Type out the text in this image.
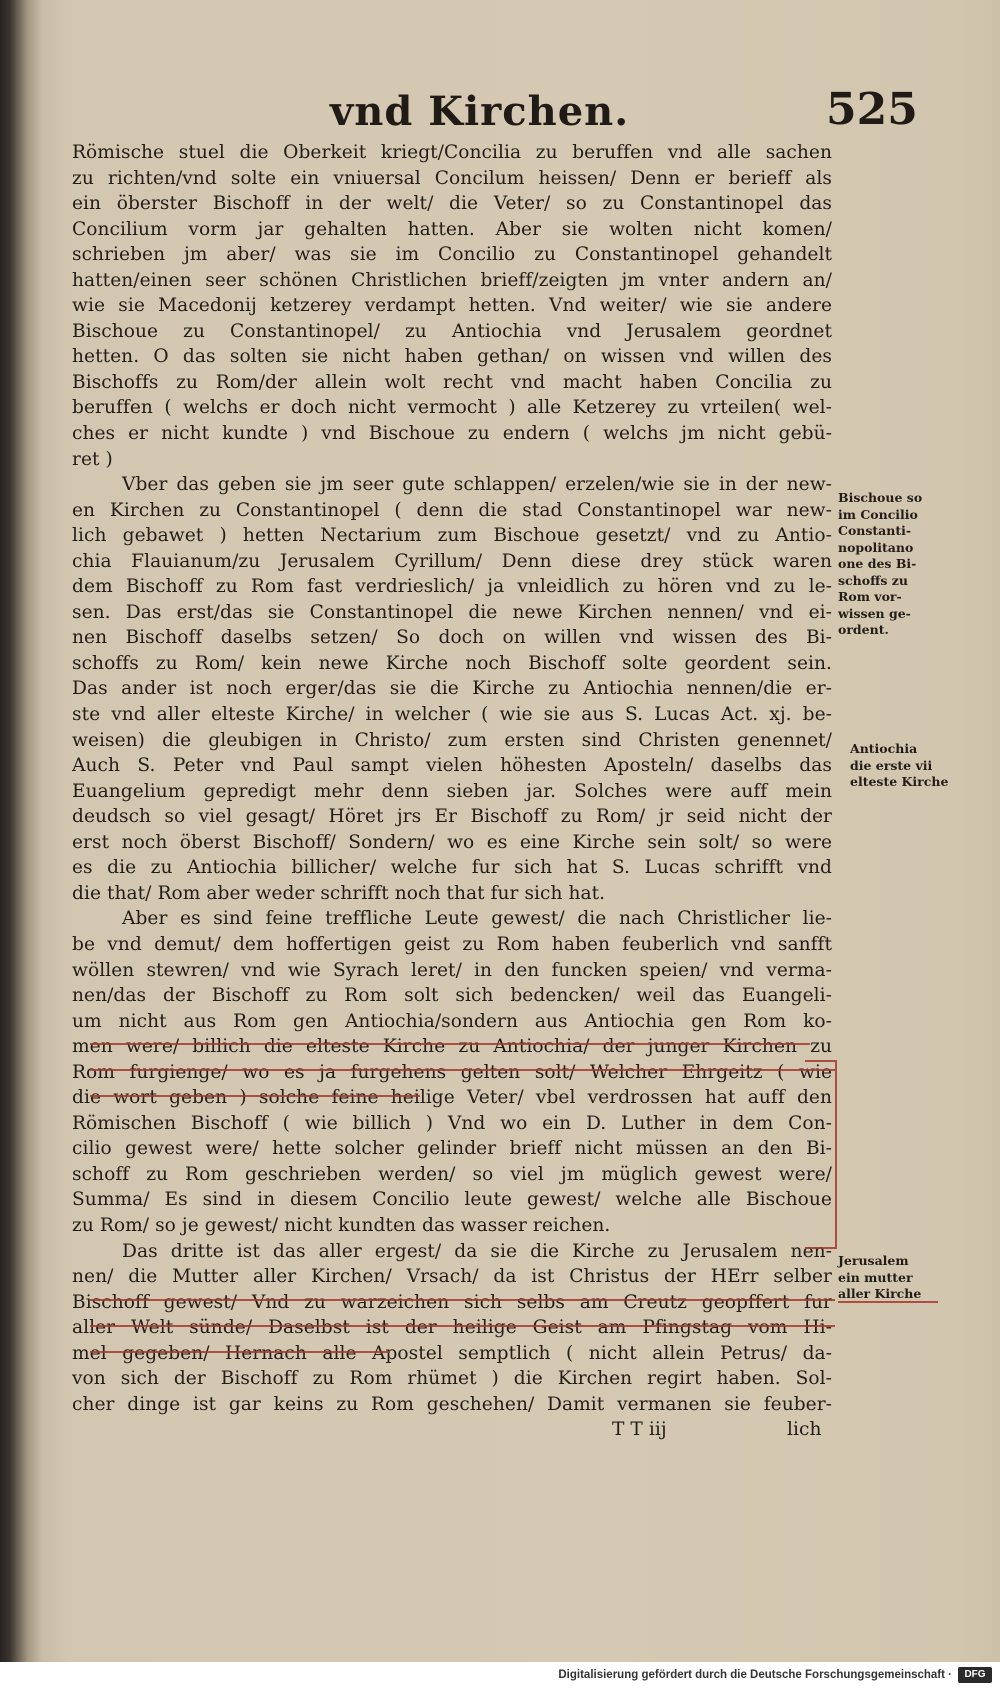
vnd Kirchen.	525
Römische stuel die Oberkeit kriegt/Concilia zu beruffen vnd alle sachen
zu richten/vnd solte ein vniuersal Concilum heissen/ Denn er berieff als
ein öberster Bischoff in der welt/ die Veter/ so zu Constantinopel das
Concilium vorm jar gehalten hatten. Aber sie wolten nicht komen/
schrieben jm aber/ was sie im Concilio zu Constantinopel gehandelt
hatten/einen seer schönen Christlichen brieff/zeigten jm vnter andern an/
wie sie Macedonij ketzerey verdampt hetten. Vnd weiter/ wie sie andere
Bischoue zu Constantinopel/ zu Antiochia vnd Jerusalem geordnet
hetten. O das solten sie nicht haben gethan/ on wissen vnd willen des
Bischoffs zu Rom/der allein wolt recht vnd macht haben Concilia zu
beruffen ( welchs er doch nicht vermocht ) alle Ketzerey zu vrteilen( wel-
ches er nicht kundte ) vnd Bischoue zu endern ( welchs jm nicht gebü-
ret )
Vber das geben sie jm seer gute schlappen/ erzelen/wie sie in der new-
en Kirchen zu Constantinopel ( denn die stad Constantinopel war new-
lich gebawet ) hetten Nectarium zum Bischoue gesetzt/ vnd zu Antio-
chia Flauianum/zu Jerusalem Cyrillum/ Denn diese drey stück waren
dem Bischoff zu Rom fast verdrieslich/ ja vnleidlich zu hören vnd zu le-
sen. Das erst/das sie Constantinopel die newe Kirchen nennen/ vnd ei-
nen Bischoff daselbs setzen/ So doch on willen vnd wissen des Bi-
schoffs zu Rom/ kein newe Kirche noch Bischoff solte geordent sein.
Das ander ist noch erger/das sie die Kirche zu Antiochia nennen/die er-
ste vnd aller elteste Kirche/ in welcher ( wie sie aus S. Lucas Act. xj. be-
weisen) die gleubigen in Christo/ zum ersten sind Christen genennet/
Auch S. Peter vnd Paul sampt vielen höhesten Aposteln/ daselbs das
Euangelium gepredigt mehr denn sieben jar. Solches were auff mein
deudsch so viel gesagt/ Höret jrs Er Bischoff zu Rom/ jr seid nicht der
erst noch öberst Bischoff/ Sondern/ wo es eine Kirche sein solt/ so were
es die zu Antiochia billicher/ welche fur sich hat S. Lucas schrifft vnd
die that/ Rom aber weder schrifft noch that fur sich hat.
Aber es sind feine treffliche Leute gewest/ die nach Christlicher lie-
be vnd demut/ dem hoffertigen geist zu Rom haben feuberlich vnd sanfft
wöllen stewren/ vnd wie Syrach leret/ in den funcken speien/ vnd verma-
nen/das der Bischoff zu Rom solt sich bedencken/ weil das Euangeli-
um nicht aus Rom gen Antiochia/sondern aus Antiochia gen Rom ko-
men were/ billich die elteste Kirche zu Antiochia/ der junger Kirchen zu
Rom furgienge/ wo es ja furgehens gelten solt/ Welcher Ehrgeitz ( wie
die wort geben ) solche feine heilige Veter/ vbel verdrossen hat auff den
Römischen Bischoff ( wie billich ) Vnd wo ein D. Luther in dem Con-
cilio gewest were/ hette solcher gelinder brieff nicht müssen an den Bi-
schoff zu Rom geschrieben werden/ so viel jm müglich gewest were/
Summa/ Es sind in diesem Concilio leute gewest/ welche alle Bischoue
zu Rom/ so je gewest/ nicht kundten das wasser reichen.
Das dritte ist das aller ergest/ da sie die Kirche zu Jerusalem nen-
nen/ die Mutter aller Kirchen/ Vrsach/ da ist Christus der HErr selber
Bischoff gewest/ Vnd zu warzeichen sich selbs am Creutz geopffert fur
aller Welt sünde/ Daselbst ist der heilige Geist am Pfingstag vom Hi-
mel gegeben/ Hernach alle Apostel semptlich ( nicht allein Petrus/ da-
von sich der Bischoff zu Rom rhümet ) die Kirchen regirt haben. Sol-
cher dinge ist gar keins zu Rom geschehen/ Damit vermanen sie feuber-
T T iij	lich
Bischoue so
im Concilio
Constanti-
nopolitano
one des Bi-
schoffs zu
Rom vor-
wissen ge-
ordent.
Antiochia
die erste vii
elteste Kirche
Jerusalem
ein mutter
aller Kirche
Digitalisierung gefördert durch die Deutsche Forschungsgemeinschaft ·	DFG
